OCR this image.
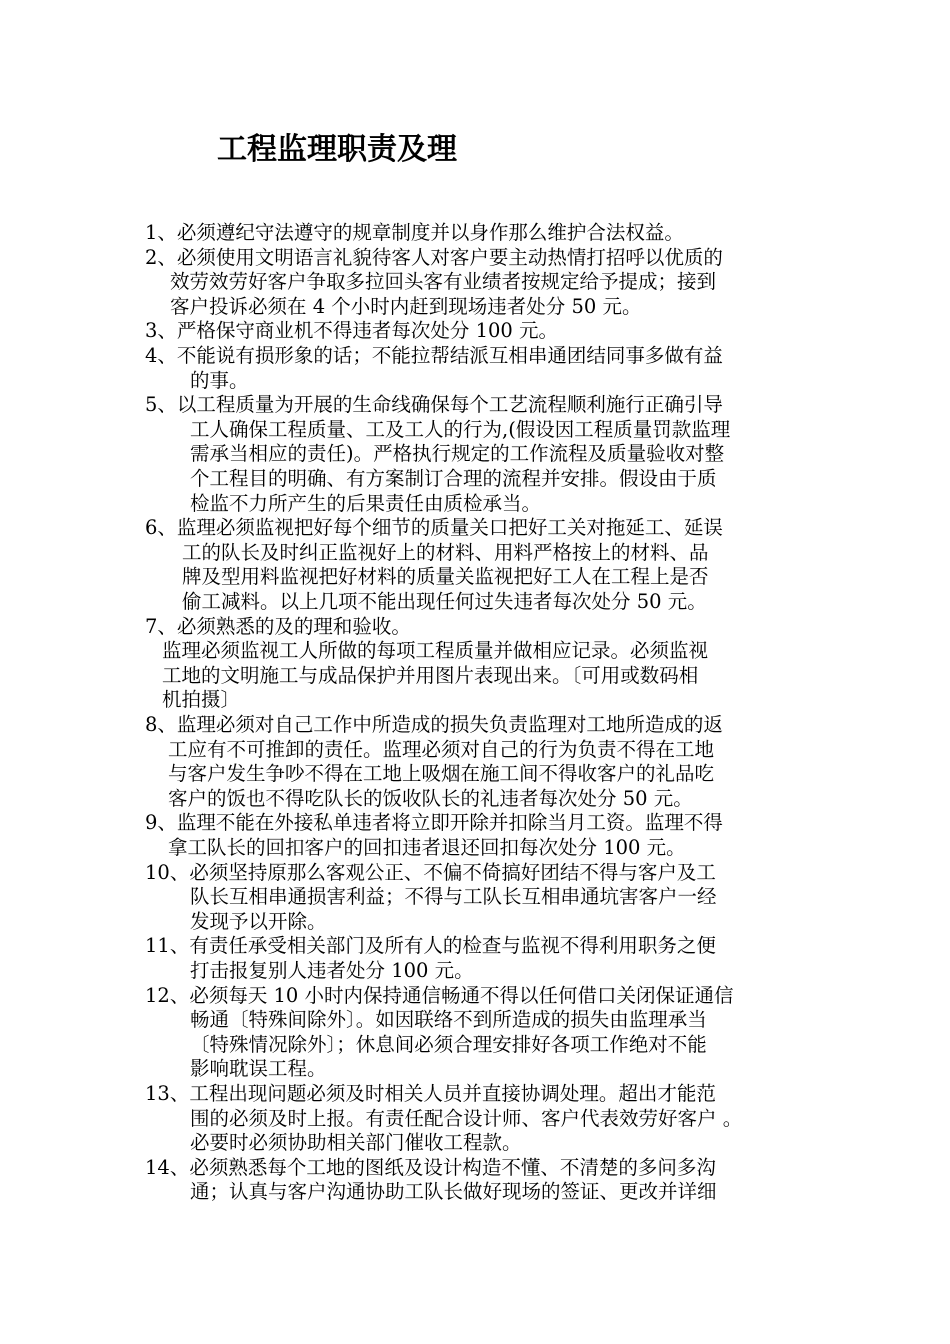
工程监理职责及理
1、必须遵纪守法遵守的规章制度并以身作那么维护合法权益。
2、必须使用文明语言礼貌待客人对客户要主动热情打招呼以优质的
效劳效劳好客户争取多拉回头客有业绩者按规定给予提成；接到
客户投诉必须在 4 个小时内赶到现场违者处分 50 元。
3、严格保守商业机不得违者每次处分 100 元。
4、不能说有损形象的话；不能拉帮结派互相串通团结同事多做有益
的事。
5、以工程质量为开展的生命线确保每个工艺流程顺利施行正确引导
工人确保工程质量、工及工人的行为,(假设因工程质量罚款监理
需承当相应的责任)。严格执行规定的工作流程及质量验收对整
个工程目的明确、有方案制订合理的流程并安排。假设由于质
检监不力所产生的后果责任由质检承当。
6、监理必须监视把好每个细节的质量关口把好工关对拖延工、延误
工的队长及时纠正监视好上的材料、用料严格按上的材料、品
牌及型用料监视把好材料的质量关监视把好工人在工程上是否
偷工减料。以上几项不能出现任何过失违者每次处分 50 元。
7、必须熟悉的及的理和验收。
监理必须监视工人所做的每项工程质量并做相应记录。必须监视
工地的文明施工与成品保护并用图片表现出来。〔可用或数码相
机拍摄〕
8、监理必须对自己工作中所造成的损失负责监理对工地所造成的返
工应有不可推卸的责任。监理必须对自己的行为负责不得在工地
与客户发生争吵不得在工地上吸烟在施工间不得收客户的礼品吃
客户的饭也不得吃队长的饭收队长的礼违者每次处分 50 元。
9、监理不能在外接私单违者将立即开除并扣除当月工资。监理不得
拿工队长的回扣客户的回扣违者退还回扣每次处分 100 元。
10、必须坚持原那么客观公正、不偏不倚搞好团结不得与客户及工
队长互相串通损害利益；不得与工队长互相串通坑害客户一经
发现予以开除。
11、有责任承受相关部门及所有人的检查与监视不得利用职务之便
打击报复别人违者处分 100 元。
12、必须每天 10 小时内保持通信畅通不得以任何借口关闭保证通信
畅通〔特殊间除外〕。如因联络不到所造成的损失由监理承当
〔特殊情况除外〕；休息间必须合理安排好各项工作绝对不能
影响耽误工程。
13、工程出现问题必须及时相关人员并直接协调处理。超出才能范
围的必须及时上报。有责任配合设计师、客户代表效劳好客户 。
必要时必须协助相关部门催收工程款。
14、必须熟悉每个工地的图纸及设计构造不懂、不清楚的多问多沟
通；认真与客户沟通协助工队长做好现场的签证、更改并详细
